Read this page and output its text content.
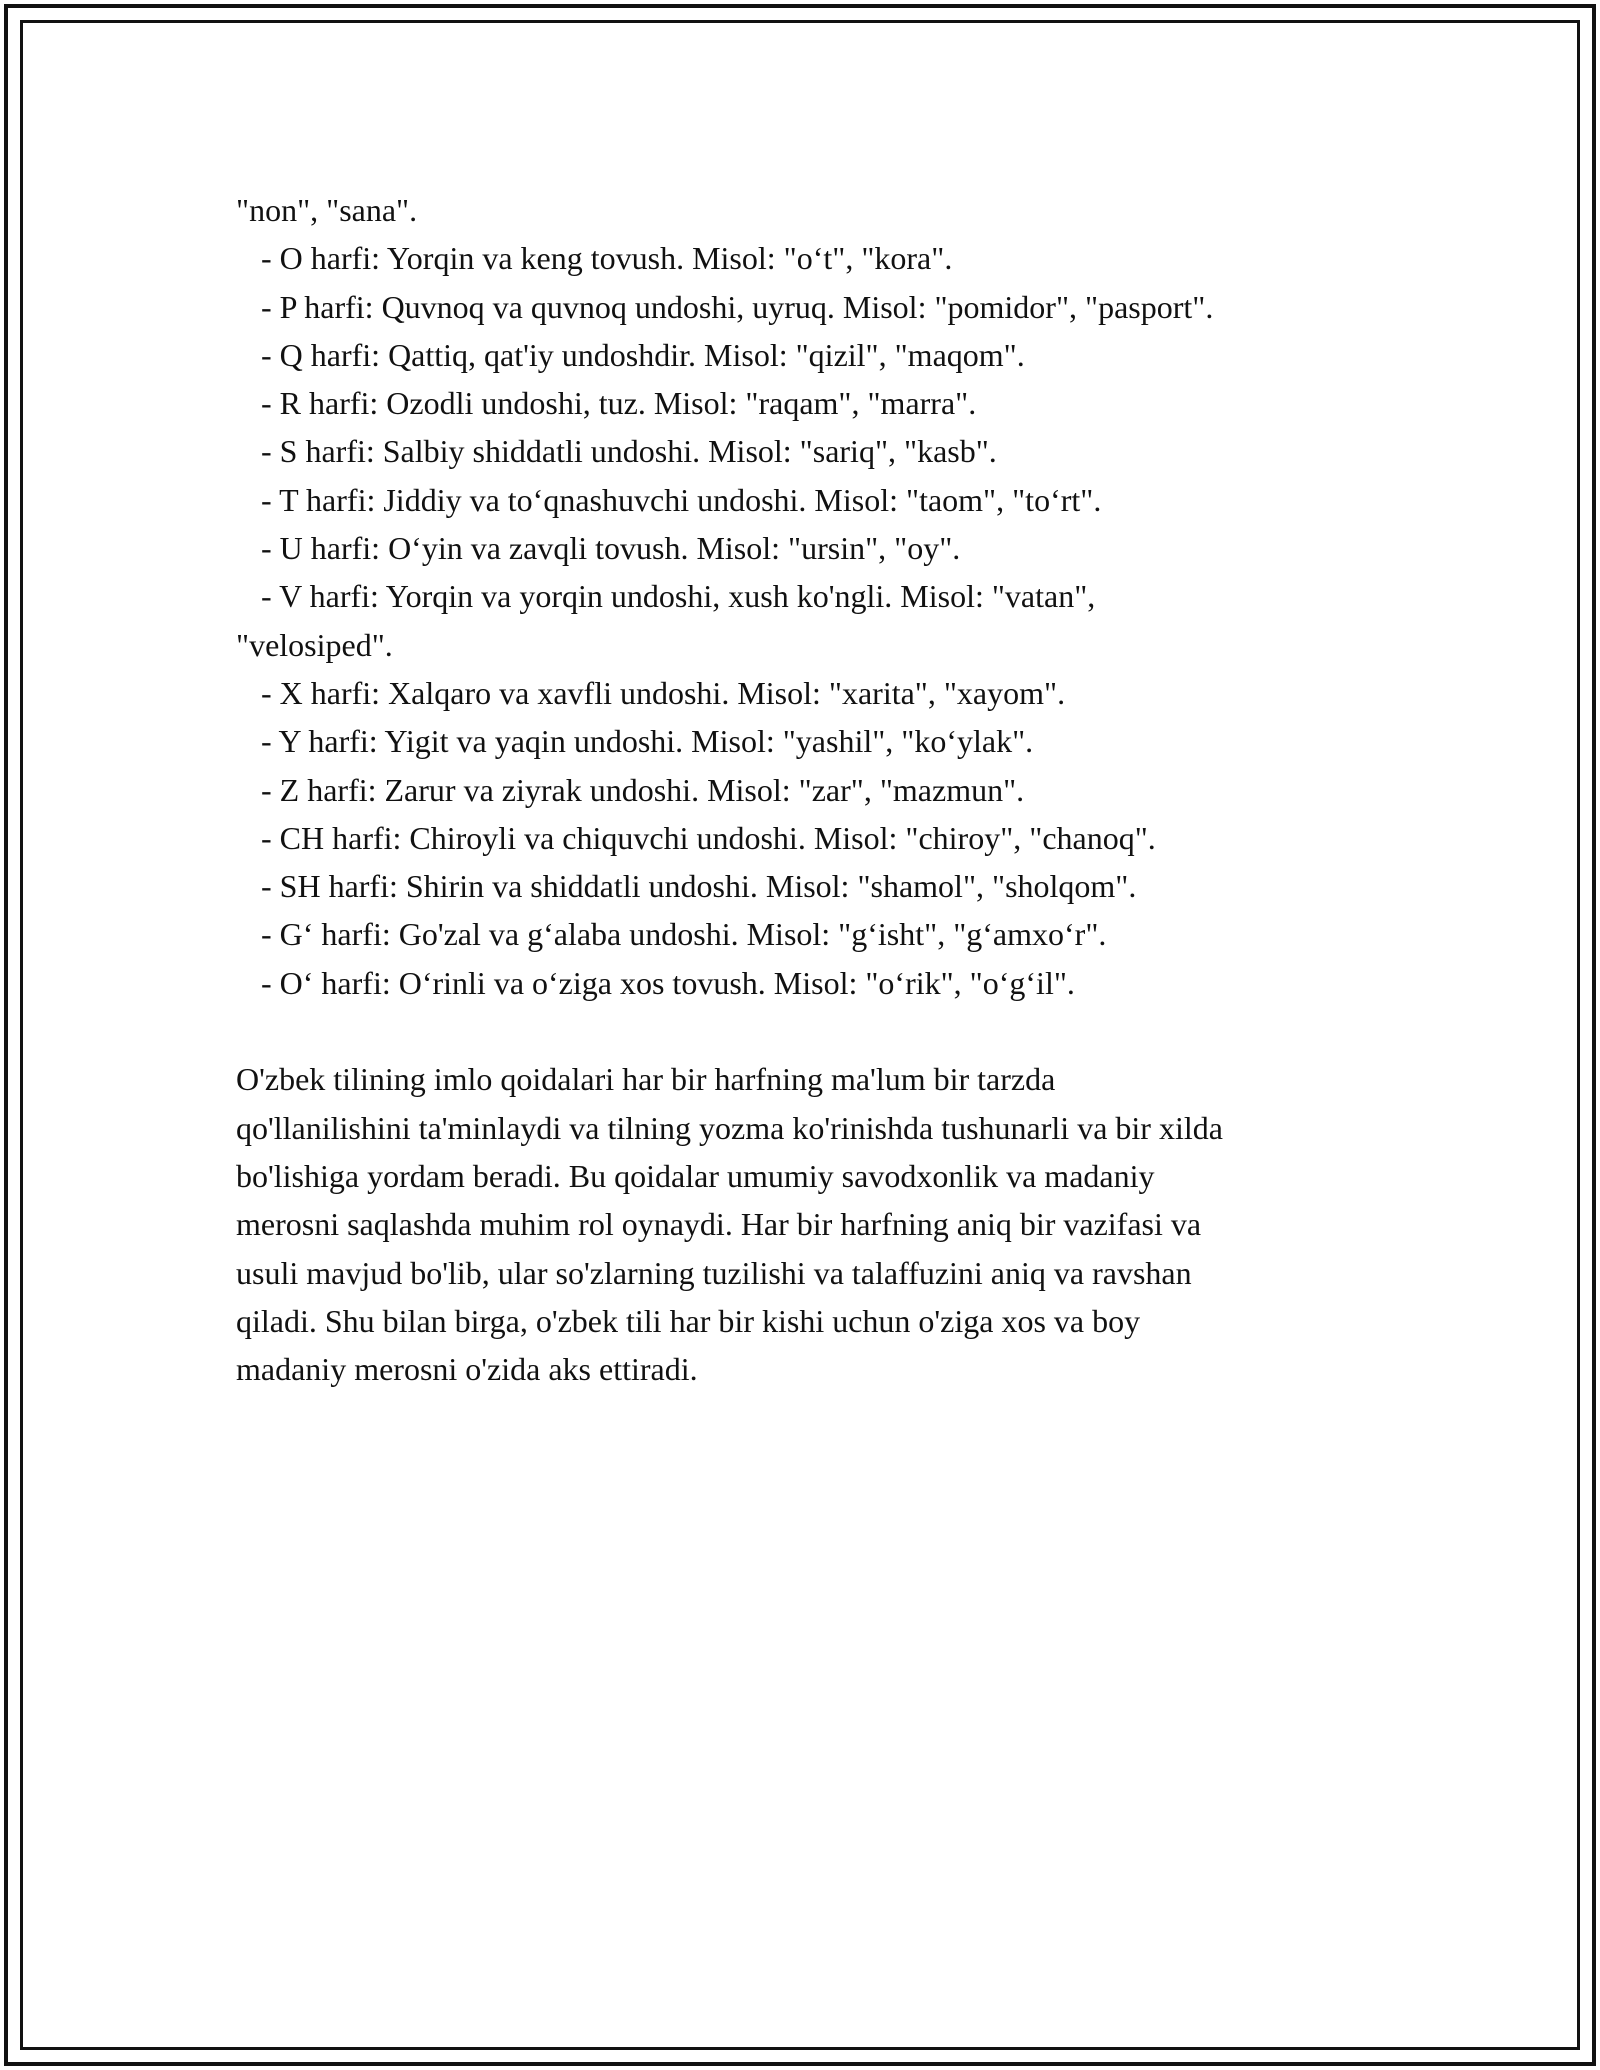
"non", "sana".
- O harfi: Yorqin va keng tovush. Misol: "o‘t", "kora".
- P harfi: Quvnoq va quvnoq undoshi, uyruq. Misol: "pomidor", "pasport".
- Q harfi: Qattiq, qat'iy undoshdir. Misol: "qizil", "maqom".
- R harfi: Ozodli undoshi, tuz. Misol: "raqam", "marra".
- S harfi: Salbiy shiddatli undoshi. Misol: "sariq", "kasb".
- T harfi: Jiddiy va to‘qnashuvchi undoshi. Misol: "taom", "to‘rt".
- U harfi: O‘yin va zavqli tovush. Misol: "ursin", "oy".
- V harfi: Yorqin va yorqin undoshi, xush ko'ngli. Misol: "vatan",
"velosiped".
- X harfi: Xalqaro va xavfli undoshi. Misol: "xarita", "xayom".
- Y harfi: Yigit va yaqin undoshi. Misol: "yashil", "ko‘ylak".
- Z harfi: Zarur va ziyrak undoshi. Misol: "zar", "mazmun".
- CH harfi: Chiroyli va chiquvchi undoshi. Misol: "chiroy", "chanoq".
- SH harfi: Shirin va shiddatli undoshi. Misol: "shamol", "sholqom".
- G‘ harfi: Go'zal va g‘alaba undoshi. Misol: "g‘isht", "g‘amxo‘r".
- O‘ harfi: O‘rinli va o‘ziga xos tovush. Misol: "o‘rik", "o‘g‘il".
O'zbek tilining imlo qoidalari har bir harfning ma'lum bir tarzda
qo'llanilishini ta'minlaydi va tilning yozma ko'rinishda tushunarli va bir xilda
bo'lishiga yordam beradi. Bu qoidalar umumiy savodxonlik va madaniy
merosni saqlashda muhim rol oynaydi. Har bir harfning aniq bir vazifasi va
usuli mavjud bo'lib, ular so'zlarning tuzilishi va talaffuzini aniq va ravshan
qiladi. Shu bilan birga, o'zbek tili har bir kishi uchun o'ziga xos va boy
madaniy merosni o'zida aks ettiradi.
